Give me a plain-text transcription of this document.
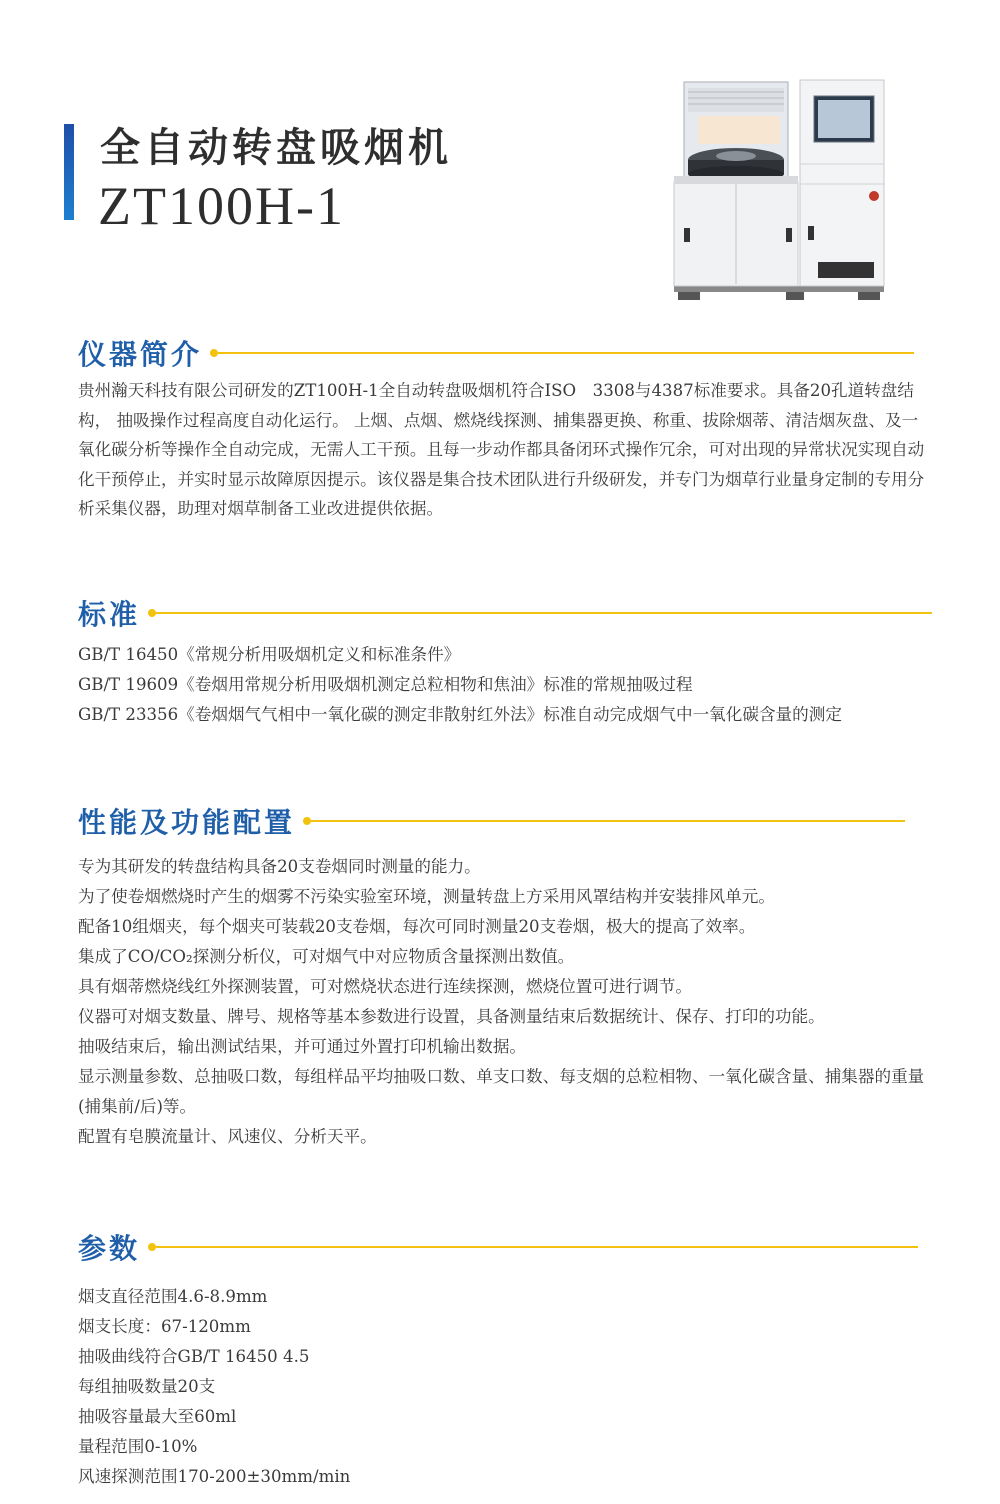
全自动转盘吸烟机
ZT100H-1
仪器简介

贵州瀚天科技有限公司研发的ZT100H-1全自动转盘吸烟机符合ISO　3308与4387标准要求。具备20孔道转盘结构， 抽吸操作过程高度自动化运行。 上烟、点烟、燃烧线探测、捕集器更换、称重、拔除烟蒂、清洁烟灰盘、及一氧化碳分析等操作全自动完成，无需人工干预。且每一步动作都具备闭环式操作冗余，可对出现的异常状况实现自动化干预停止，并实时显示故障原因提示。该仪器是集合技术团队进行升级研发，并专门为烟草行业量身定制的专用分析采集仪器，助理对烟草制备工业改进提供依据。

标准

GB/T 16450《常规分析用吸烟机定义和标准条件》

GB/T 19609《卷烟用常规分析用吸烟机测定总粒相物和焦油》标准的常规抽吸过程

GB/T 23356《卷烟烟气气相中一氧化碳的测定非散射红外法》标准自动完成烟气中一氧化碳含量的测定

性能及功能配置

专为其研发的转盘结构具备20支卷烟同时测量的能力。

为了使卷烟燃烧时产生的烟雾不污染实验室环境，测量转盘上方采用风罩结构并安装排风单元。

配备10组烟夹，每个烟夹可装载20支卷烟，每次可同时测量20支卷烟，极大的提高了效率。

集成了CO/CO₂探测分析仪，可对烟气中对应物质含量探测出数值。

具有烟蒂燃烧线红外探测装置，可对燃烧状态进行连续探测，燃烧位置可进行调节。

仪器可对烟支数量、牌号、规格等基本参数进行设置，具备测量结束后数据统计、保存、打印的功能。

抽吸结束后，输出测试结果，并可通过外置打印机输出数据。

显示测量参数、总抽吸口数，每组样品平均抽吸口数、单支口数、每支烟的总粒相物、一氧化碳含量、捕集器的重量(捕集前/后)等。

配置有皂膜流量计、风速仪、分析天平。

参数

烟支直径范围4.6-8.9mm

烟支长度：67-120mm

抽吸曲线符合GB/T 16450 4.5

每组抽吸数量20支

抽吸容量最大至60ml

量程范围0-10%

风速探测范围170-200±30mm/min
